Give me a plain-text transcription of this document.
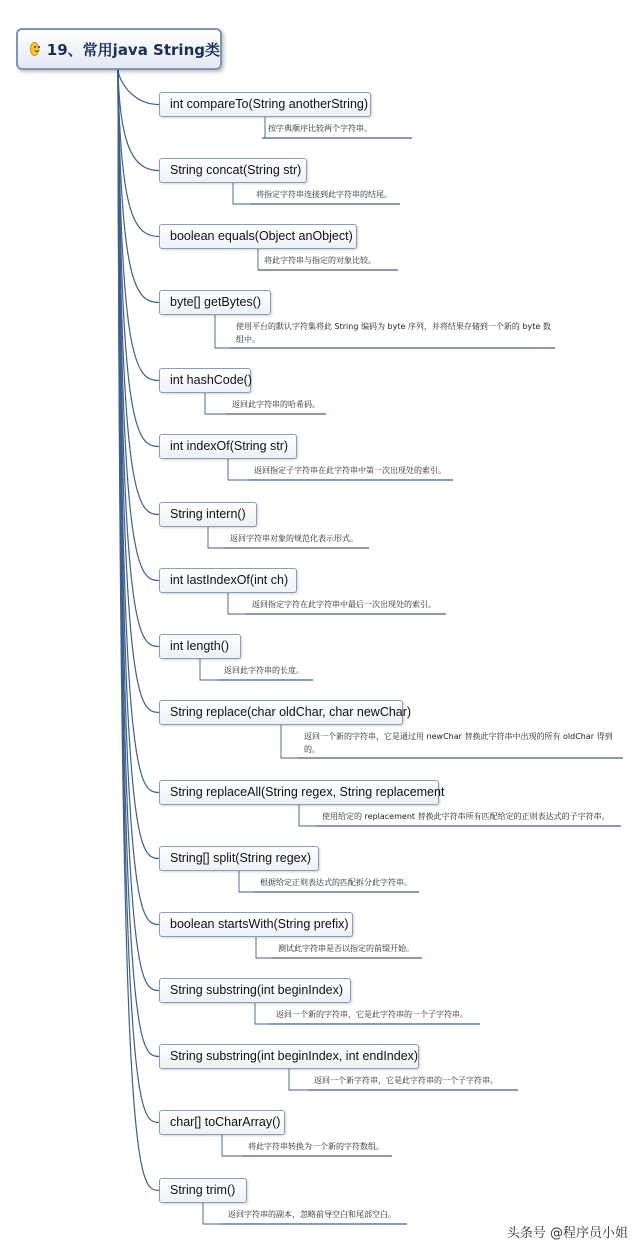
19、常用java String类
int compareTo(String anotherString)
按字典顺序比较两个字符串。
String concat(String str)
将指定字符串连接到此字符串的结尾。
boolean equals(Object anObject)
将此字符串与指定的对象比较。
byte[] getBytes()
使用平台的默认字符集将此 String 编码为 byte 序列，并将结果存储到一个新的 byte 数组中。
int hashCode()
返回此字符串的哈希码。
int indexOf(String str)
返回指定子字符串在此字符串中第一次出现处的索引。
String intern()
返回字符串对象的规范化表示形式。
int lastIndexOf(int ch)
返回指定字符在此字符串中最后一次出现处的索引。
int length()
返回此字符串的长度。
String replace(char oldChar, char newChar)
返回一个新的字符串，它是通过用 newChar 替换此字符串中出现的所有 oldChar 得到的。
String replaceAll(String regex, String replacement
使用给定的 replacement 替换此字符串所有匹配给定的正则表达式的子字符串。
String[] split(String regex)
根据给定正则表达式的匹配拆分此字符串。
boolean startsWith(String prefix)
测试此字符串是否以指定的前缀开始。
String substring(int beginIndex)
返回一个新的字符串，它是此字符串的一个子字符串。
String substring(int beginIndex, int endIndex)
返回一个新字符串，它是此字符串的一个子字符串。
char[] toCharArray()
将此字符串转换为一个新的字符数组。
String trim()
返回字符串的副本，忽略前导空白和尾部空白。
头条号 @程序员小姐
